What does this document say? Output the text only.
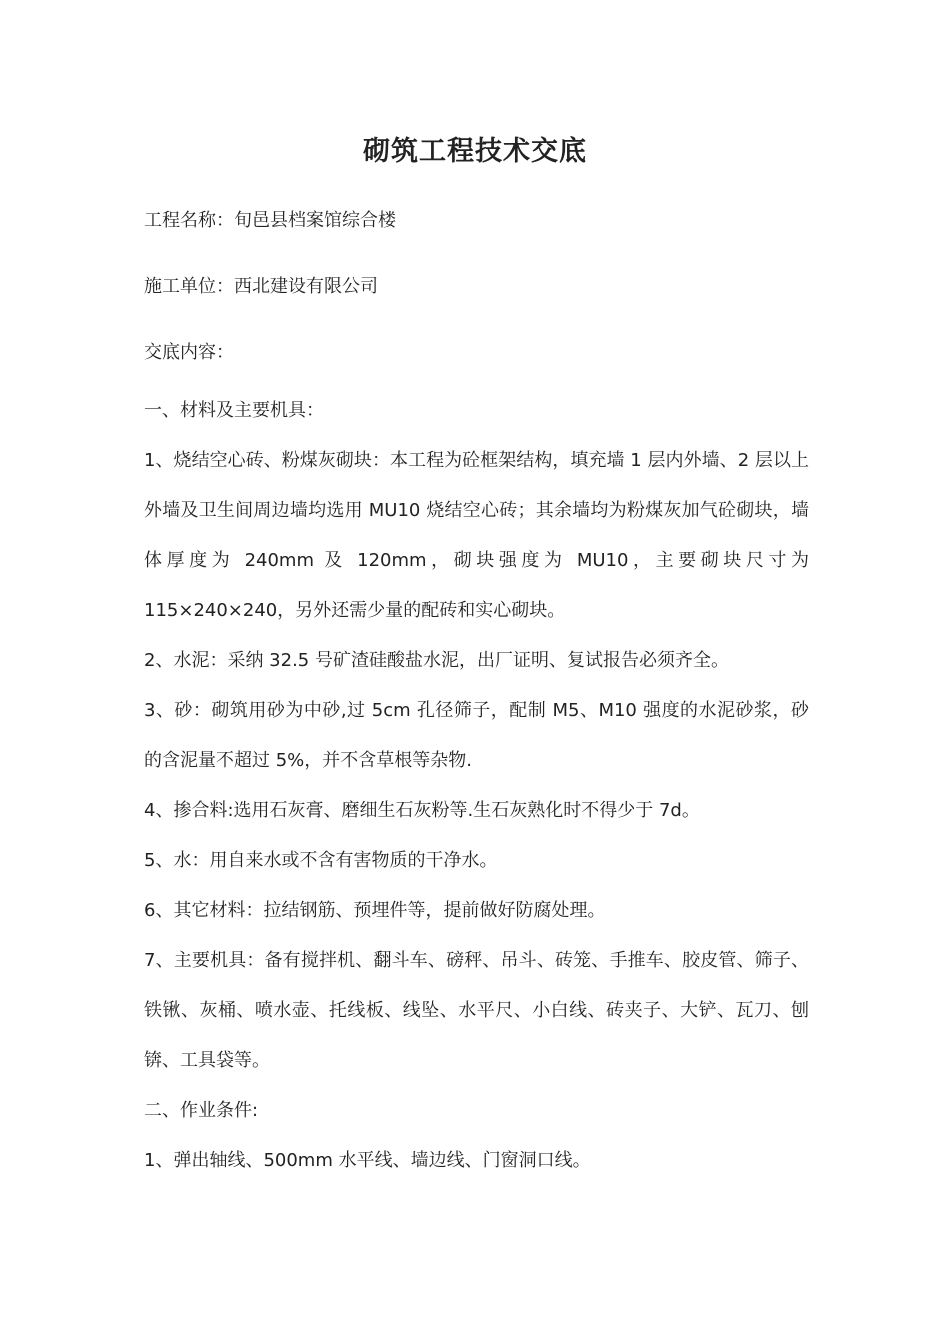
砌筑工程技术交底

工程名称：旬邑县档案馆综合楼

施工单位：西北建设有限公司

交底内容：

一、材料及主要机具：

1、烧结空心砖、粉煤灰砌块：本工程为砼框架结构，填充墙 1 层内外墙、2 层以上外墙及卫生间周边墙均选用 MU10 烧结空心砖；其余墙均为粉煤灰加气砼砌块，墙体厚度为 240mm 及 120mm，砌块强度为 MU10，主要砌块尺寸为 115×240×240，另外还需少量的配砖和实心砌块。

2、水泥：采纳 32.5 号矿渣硅酸盐水泥，出厂证明、复试报告必须齐全。

3、砂：砌筑用砂为中砂,过 5cm 孔径筛子，配制 M5、M10 强度的水泥砂浆，砂的含泥量不超过 5%，并不含草根等杂物.

4、掺合料:选用石灰膏、磨细生石灰粉等.生石灰熟化时不得少于 7d。

5、水：用自来水或不含有害物质的干净水。

6、其它材料：拉结钢筋、预埋件等，提前做好防腐处理。

7、主要机具：备有搅拌机、翻斗车、磅秤、吊斗、砖笼、手推车、胶皮管、筛子、铁锹、灰桶、喷水壶、托线板、线坠、水平尺、小白线、砖夹子、大铲、瓦刀、刨锛、工具袋等。

二、作业条件:

1、弹出轴线、500mm 水平线、墙边线、门窗洞口线。
